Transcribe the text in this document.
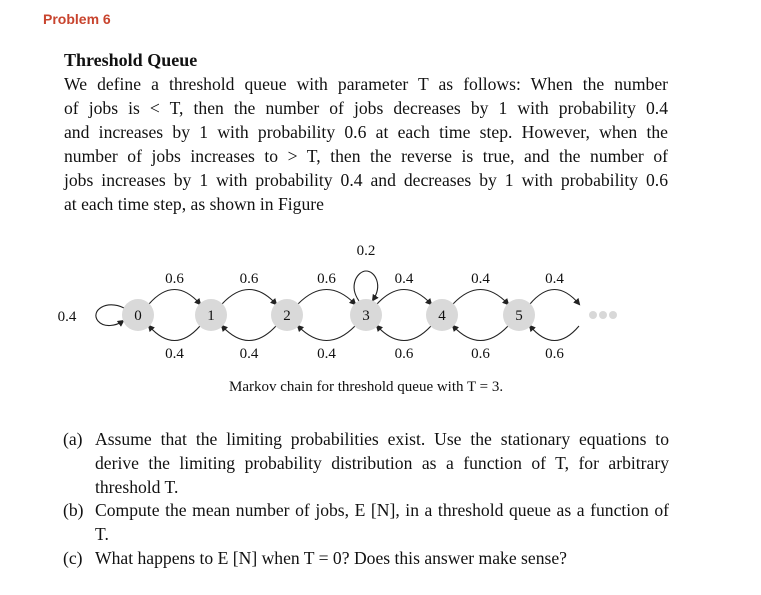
Problem 6
Threshold Queue
We define a threshold queue with parameter T as follows: When the number
of jobs is < T, then the number of jobs decreases by 1 with probability 0.4
and increases by 1 with probability 0.6 at each time step. However, when the
number of jobs increases to > T, then the reverse is true, and the number of
jobs increases by 1 with probability 0.4 and decreases by 1 with probability 0.6
at each time step, as shown in Figure
0	1	2	3	4	5
0.6	0.6	0.6	0.4	0.4	0.4
0.4	0.4	0.4	0.6	0.6	0.6
0.4
0.2
Markov chain for threshold queue with T = 3.
(a) Assume that the limiting probabilities exist. Use the stationary equations to derive the limiting probability distribution as a function of T, for arbitrary threshold T.
(b) Compute the mean number of jobs, E [N], in a threshold queue as a function of T.
(c) What happens to E [N] when T = 0? Does this answer make sense?
